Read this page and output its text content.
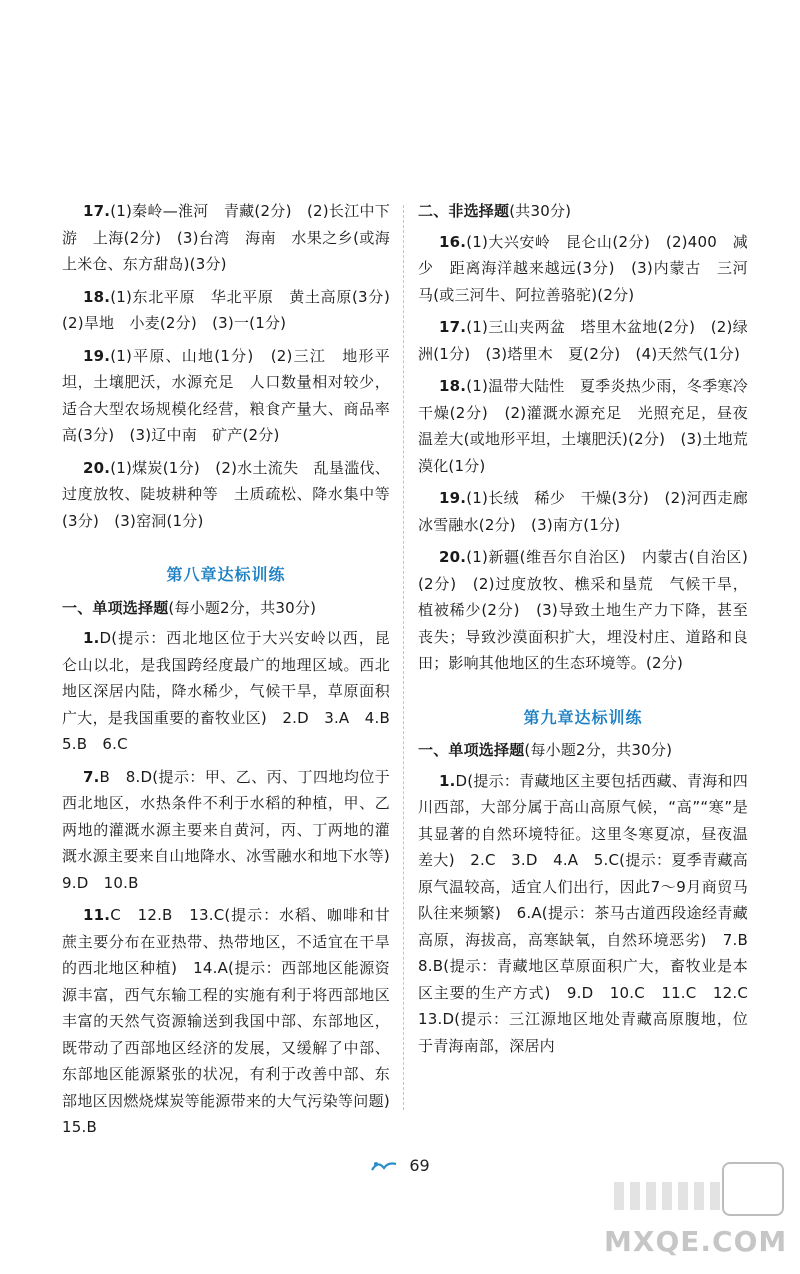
17.(1)秦岭—淮河　青藏(2分)　(2)长江中下游　上海(2分)　(3)台湾　海南　水果之乡(或海上米仓、东方甜岛)(3分)

18.(1)东北平原　华北平原　黄土高原(3分)　(2)旱地　小麦(2分)　(3)一(1分)

19.(1)平原、山地(1分)　(2)三江　地形平坦，土壤肥沃，水源充足　人口数量相对较少，适合大型农场规模化经营，粮食产量大、商品率高(3分)　(3)辽中南　矿产(2分)

20.(1)煤炭(1分)　(2)水土流失　乱垦滥伐、过度放牧、陡坡耕种等　土质疏松、降水集中等(3分)　(3)窑洞(1分)

第八章达标训练
一、单项选择题(每小题2分，共30分)

1.D(提示：西北地区位于大兴安岭以西，昆仑山以北，是我国跨经度最广的地理区域。西北地区深居内陆，降水稀少，气候干旱，草原面积广大，是我国重要的畜牧业区)　2.D　3.A　4.B　5.B　6.C

7.B　8.D(提示：甲、乙、丙、丁四地均位于西北地区，水热条件不利于水稻的种植，甲、乙两地的灌溉水源主要来自黄河，丙、丁两地的灌溉水源主要来自山地降水、冰雪融水和地下水等)　9.D　10.B

11.C　12.B　13.C(提示：水稻、咖啡和甘蔗主要分布在亚热带、热带地区，不适宜在干旱的西北地区种植)　14.A(提示：西部地区能源资源丰富，西气东输工程的实施有利于将西部地区丰富的天然气资源输送到我国中部、东部地区，既带动了西部地区经济的发展，又缓解了中部、东部地区能源紧张的状况，有利于改善中部、东部地区因燃烧煤炭等能源带来的大气污染等问题)　15.B

二、非选择题(共30分)

16.(1)大兴安岭　昆仑山(2分)　(2)400　减少　距离海洋越来越远(3分)　(3)内蒙古　三河马(或三河牛、阿拉善骆驼)(2分)

17.(1)三山夹两盆　塔里木盆地(2分)　(2)绿洲(1分)　(3)塔里木　夏(2分)　(4)天然气(1分)

18.(1)温带大陆性　夏季炎热少雨，冬季寒冷干燥(2分)　(2)灌溉水源充足　光照充足，昼夜温差大(或地形平坦，土壤肥沃)(2分)　(3)土地荒漠化(1分)

19.(1)长绒　稀少　干燥(3分)　(2)河西走廊　冰雪融水(2分)　(3)南方(1分)

20.(1)新疆(维吾尔自治区)　内蒙古(自治区)(2分)　(2)过度放牧、樵采和垦荒　气候干旱，植被稀少(2分)　(3)导致土地生产力下降，甚至丧失；导致沙漠面积扩大，埋没村庄、道路和良田；影响其他地区的生态环境等。(2分)

第九章达标训练
一、单项选择题(每小题2分，共30分)

1.D(提示：青藏地区主要包括西藏、青海和四川西部，大部分属于高山高原气候，“高”“寒”是其显著的自然环境特征。这里冬寒夏凉，昼夜温差大)　2.C　3.D　4.A　5.C(提示：夏季青藏高原气温较高，适宜人们出行，因此7～9月商贸马队往来频繁)　6.A(提示：茶马古道西段途经青藏高原，海拔高，高寒缺氧，自然环境恶劣)　7.B　8.B(提示：青藏地区草原面积广大，畜牧业是本区主要的生产方式)　9.D　10.C　11.C　12.C　13.D(提示：三江源地区地处青藏高原腹地，位于青海南部，深居内

69
MXQE.COM
